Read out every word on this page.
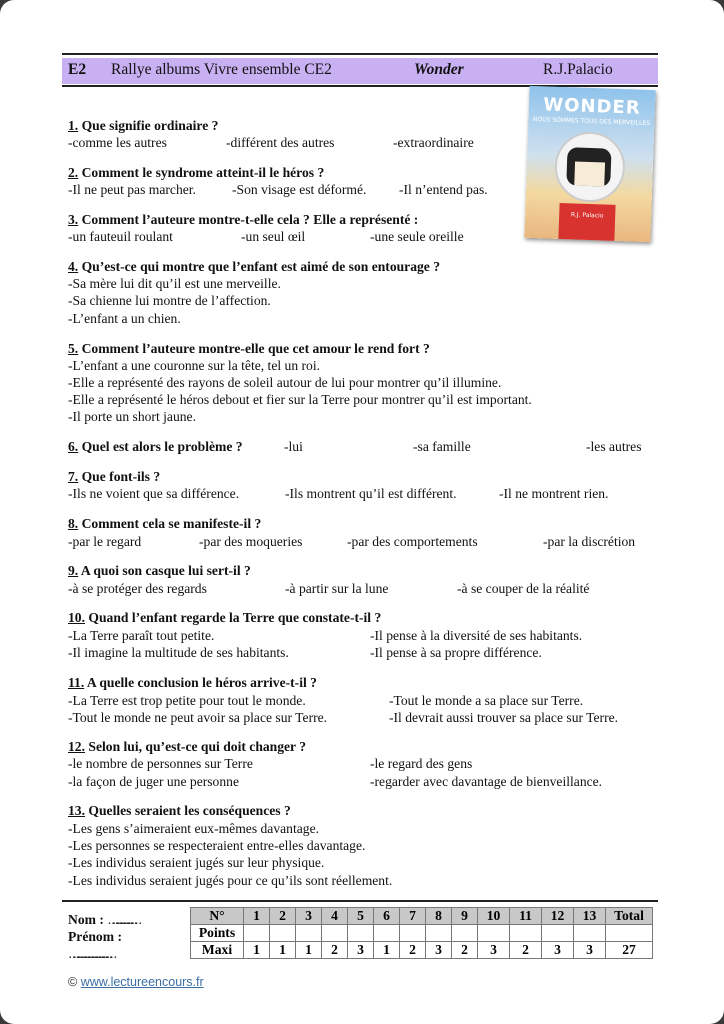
E2 Rallye albums Vivre ensemble CE2	Wonder	R.J.Palacio
WONDER
NOUS SOMMES TOUS DES MERVEILLES
R.J. Palacio
1. Que signifie ordinaire ?
-comme les autres	-différent des autres	-extraordinaire
2. Comment le syndrome atteint-il le héros ?
-Il ne peut pas marcher.	-Son visage est déformé. -Il n’entend pas.
3. Comment l’auteure montre-t-elle cela ? Elle a représenté :
-un fauteuil roulant	-un seul œil	-une seule oreille
4. Qu’est-ce qui montre que l’enfant est aimé de son entourage ?
-Sa mère lui dit qu’il est une merveille.
-Sa chienne lui montre de l’affection.
-L’enfant a un chien.
5. Comment l’auteure montre-elle que cet amour le rend fort ?
-L’enfant a une couronne sur la tête, tel un roi.
-Elle a représenté des rayons de soleil autour de lui pour montrer qu’il illumine.
-Elle a représenté le héros debout et fier sur la Terre pour montrer qu’il est important.
-Il porte un short jaune.
6. Quel est alors le problème ?	-lui	-sa famille	-les autres
7. Que font-ils ?
-Ils ne voient que sa différence.	-Ils montrent qu’il est différent.	-Il ne montrent rien.
8. Comment cela se manifeste-il ?
-par le regard	-par des moqueries	-par des comportements	-par la discrétion
9. A quoi son casque lui sert-il ?
-à se protéger des regards	-à partir sur la lune	-à se couper de la réalité
10. Quand l’enfant regarde la Terre que constate-t-il ?
-La Terre paraît tout petite.	-Il pense à la diversité de ses habitants.
-Il imagine la multitude de ses habitants.	-Il pense à sa propre différence.
11. A quelle conclusion le héros arrive-t-il ?
-La Terre est trop petite pour tout le monde.	-Tout le monde a sa place sur Terre.
-Tout le monde ne peut avoir sa place sur Terre.	-Il devrait aussi trouver sa place sur Terre.
12. Selon lui, qu’est-ce qui doit changer ?
-le nombre de personnes sur Terre	-le regard des gens
-la façon de juger une personne	-regarder avec davantage de bienveillance.
13. Quelles seraient les conséquences ?
-Les gens s’aimeraient eux-mêmes davantage.
-Les personnes se respecteraient entre-elles davantage.
-Les individus seraient jugés sur leur physique.
-Les individus seraient jugés pour ce qu’ils sont réellement.
Nom : …………………
Prénom :
……………………………
N°	1	2	3	4	5	6	7	8	9	10	11	12	13	Total
Points														
Maxi	1	1	1	2	3	1	2	3	2	3	2	3	3	27
© www.lectureencours.fr
